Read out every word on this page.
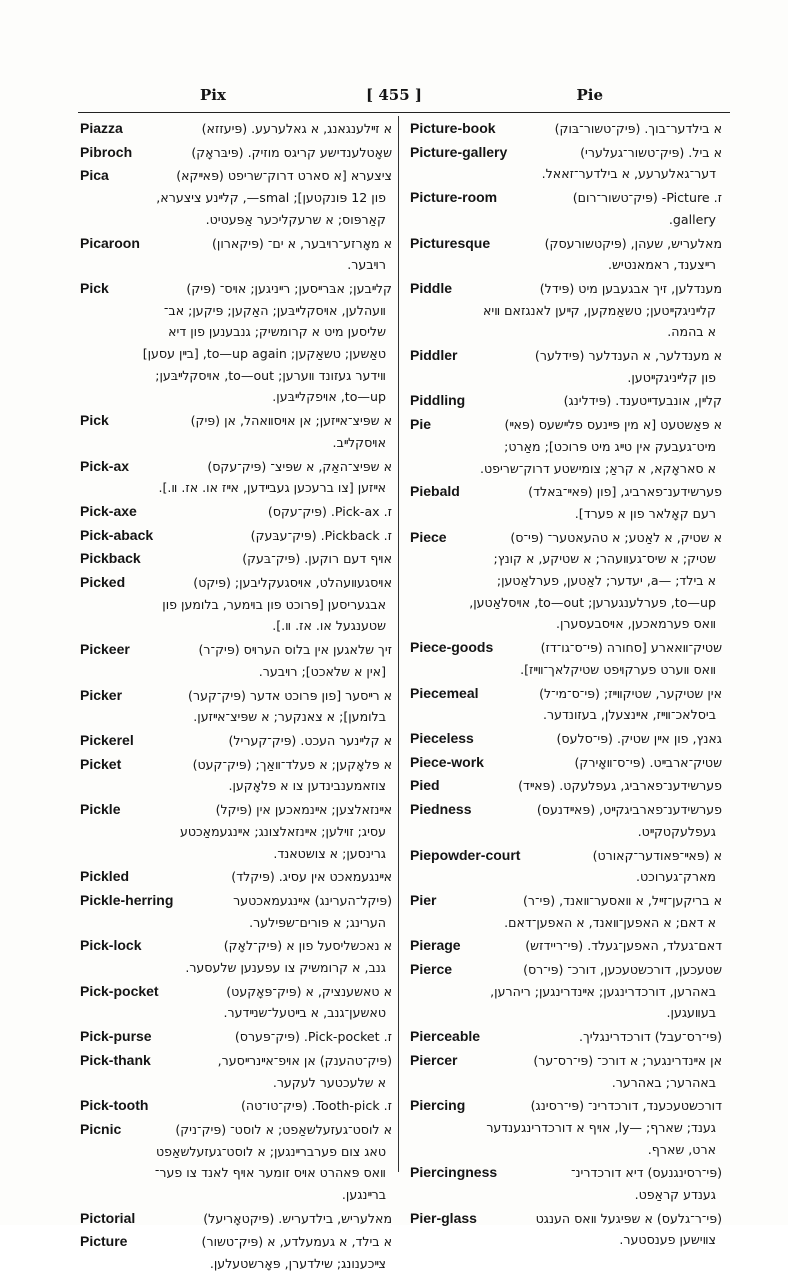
Pix	[ 455 ]	Pie
Piazza	א זײלענגאנג, א גאלערעע. (פּיעזזא)
Pibroch	שאָטלענדישע קריגס מוזיק. (פּיבּראָק)
Pica	ציצערא [א סארט דרוק־שריפט (פּאײקא)
פון 12 פּונקטען]; smal—, קלײנע ציצערא,
קאַרפּוס; א שרעקליכער אַפּעטיט.
Picaroon	א מאָרזע־רױבער, א ים־ (פּיקארון)
רױבער.
Pick	קלײבען; אבּרײסען; רײניגען; אױס־ (פּיק)
װעהלען, אױסקלײבּען; האַקען; פּיקען; אב־
שליסען מיט א קרומשיק; גנבענען פון דיא
טאַשען; טשאַקען; to—up again, [בײן עסען]
װידער געזונד װערען; to—out, אױסקלײבּען;
to—up, אױפקלײבּען.
Pick	א שפּיצ־אײזען; אן אױסװאהל, אן (פּיק)
אױסקלײב.
Pick-ax	א שפּיצ־האַק, א שפּיצ־ (פּיק־עקס)
אײזען [צו ברעכען געבײדען, אײז או. אז. װ.].
Pick-axe	ז. Pick-ax. (פּיק־עקס)
Pick-aback	ז. Pickback. (פּיק־עבּעק)
Pickback	אױף דעם רוקען. (פּיק־בּעק)
Picked	אױסגעװעהלט, אױסגעקליבען; (פּיקט)
אבגעריסען [פּרוכט פון בױמער, בלומען פון
שטענגעל או. אז. װ.].
Pickeer	זיך שלאגען אין בלוס הערױס (פּיק־ר)
[אין א שלאכט]; רױבער.
Picker	א רײסער [פון פּרוכט אדער (פּיק־קער)
בלומען]; א צאנקער; א שפּיצ־אײזען.
Pickerel	א קלײנער העכט. (פּיק־קעריל)
Picket	א פּלאָקען; א פעלד־װאַך; (פּיק־קעט)
צוזאמענבינדען צו א פלאָקען.
Pickle	אײנזאלצען; אײנמאכען אין (פּיקל)
עסיג; זױלען; אײנזאלצונג; אײנגעמאַכטע
גרינסען; א צושטאנד.
Pickled	אײנגעמאכט אין עסיג. (פּיקלד)
Pickle-herring	(פּיקל־הערינג) אײנגעמאכטער
הערינג; א פּורים־שפּילער.
Pick-lock	א נאכשליסעל פון א (פּיק־לאָק)
גנב, א קרומשיק צו עפענען שלעסער.
Pick-pocket	א טאשענציק, א (פּיק־פּאָקעט)
טאשען־גנב, א בײטעל־שנײדער.
Pick-purse	ז. Pick-pocket. (פּיק־פּערס)
Pick-thank	(פּיק־טהענק) אן אױפ־אײנרײסער,
א שלעכטער לעקער.
Pick-tooth	ז. Tooth-pick. (פּיק־טו־טה)
Picnic	א לוסט־געזעלשאַפט; א לוסט־ (פּיק־ניק)
טאג צום פערברײנגען; א לוסט־געזעלשאַפט
װאס פּאהרט אױס זומער אױף לאנד צו פער־
ברײנגען.
Pictorial	מאלעריש, בילדעריש. (פּיקטאָריעל)
Picture	א בילד, א געמעלדע, א (פּיק־טשור)
צײכענונג; שילדערן, פּאָרשטעלען.
Picture-book	א בילדער־בוך. (פּיק־טשור־בּוק)
Picture-gallery	א ביל. (פּיק־טשור־געלערי)
דער־גאלערעע, א בילדער־זאאל.
Picture-room	ז. Picture- (פּיק־טשור־רום)
gallery.
Picturesque	מאלעריש, שעהן, (פּיקטשורעסק)
רײצענד, ראמאנטיש.
Piddle	מענדלען, זיך אבגעבען מיט (פּידל)
קלײניגקײטען; טשאַמקען, קײען לאנגזאם װיא
א בהמה.
Piddler	א מענדלער, א הענדלער (פּידלער)
פון קלײניגקײטען.
Piddling	קלײן, אונבעדײטענד. (פּידלינג)
Pie	א פּאַשטעט [א מין פּײנעס פלײשעס (פּאײ)
מיט־געבעק אין טײג מיט פּרוכט]; מאַרט;
א סאראָקא, א קראַ; צומישטע דרוק־שריפט.
Piebald	פערשידענ־פארביג, [פון (פּאײ־בּאלד)
רעם קאָלאר פון א פערד].
Piece	א שטיק, א לאַטע; א טהעאטער־ (פּי־ס)
שטיק; א שיס־געװעהר; א שטיקע, א קונץ;
א בילד; —a, יעדער; לאַטען, פערלאַטען;
to—up, פערלענגערען; to—out, אױסלאַטען,
װאס פערמאכען, אױסבעסערן.
Piece-goods	שטיק־װאארע [סחורה (פּי־ס־גו־דז)
װאס װערט פערקױפט שטיקלאך־װײז].
Piecemeal	אין שטיקער, שטיקװײז; (פּי־ס־מי־ל)
ביסלאכ־װײז, אײנצעלן, בעזונדער.
Pieceless	גאנץ, פון אײן שטיק. (פּי־סלעס)
Piece-work	שטיק־ארבײט. (פּי־ס־װאָירק)
Pied	פערשידענ־פארביג, געפלעקט. (פּאײד)
Piedness	פערשידענ־פארביגקײט, (פּאײדנעס)
געפלעקטקײט.
Piepowder-court	א (פּאײ־פּאודער־קאורט)
מארק־גערוכט.
Pier	א בריקען־זײל, א װאסער־װאנד, (פּי־ר)
א דאם; א האפען־װאנד, א האפען־דאם.
Pierage	דאם־געלד, האפען־געלד. (פּי־ריידזש)
Pierce	שטעכען, דורכשטעכען, דורכ־ (פּי־רס)
באהרען, דורכדרינגען; אײנדרינגען; ריהרען,
בעװעגען.
Pierceable	(פּי־רס־עבל) דורכדרינגליך.
Piercer	אן אײנדרינגער; א דורכ־ (פּי־רס־ער)
באהרער; באהרער.
Piercing	דורכשטעכענד, דורכדרינ־ (פּי־רסינג)
גענד; שארף; —ly, אױף א דורכדרינגענדער
ארט, שארף.
Piercingness	(פּי־רסינגנעס) דיא דורכדרינ־
גענדע קראַפט.
Pier-glass	(פּי־ר־גלעס) א שפּיגעל װאס הענגט
צװישען פענסטער.
